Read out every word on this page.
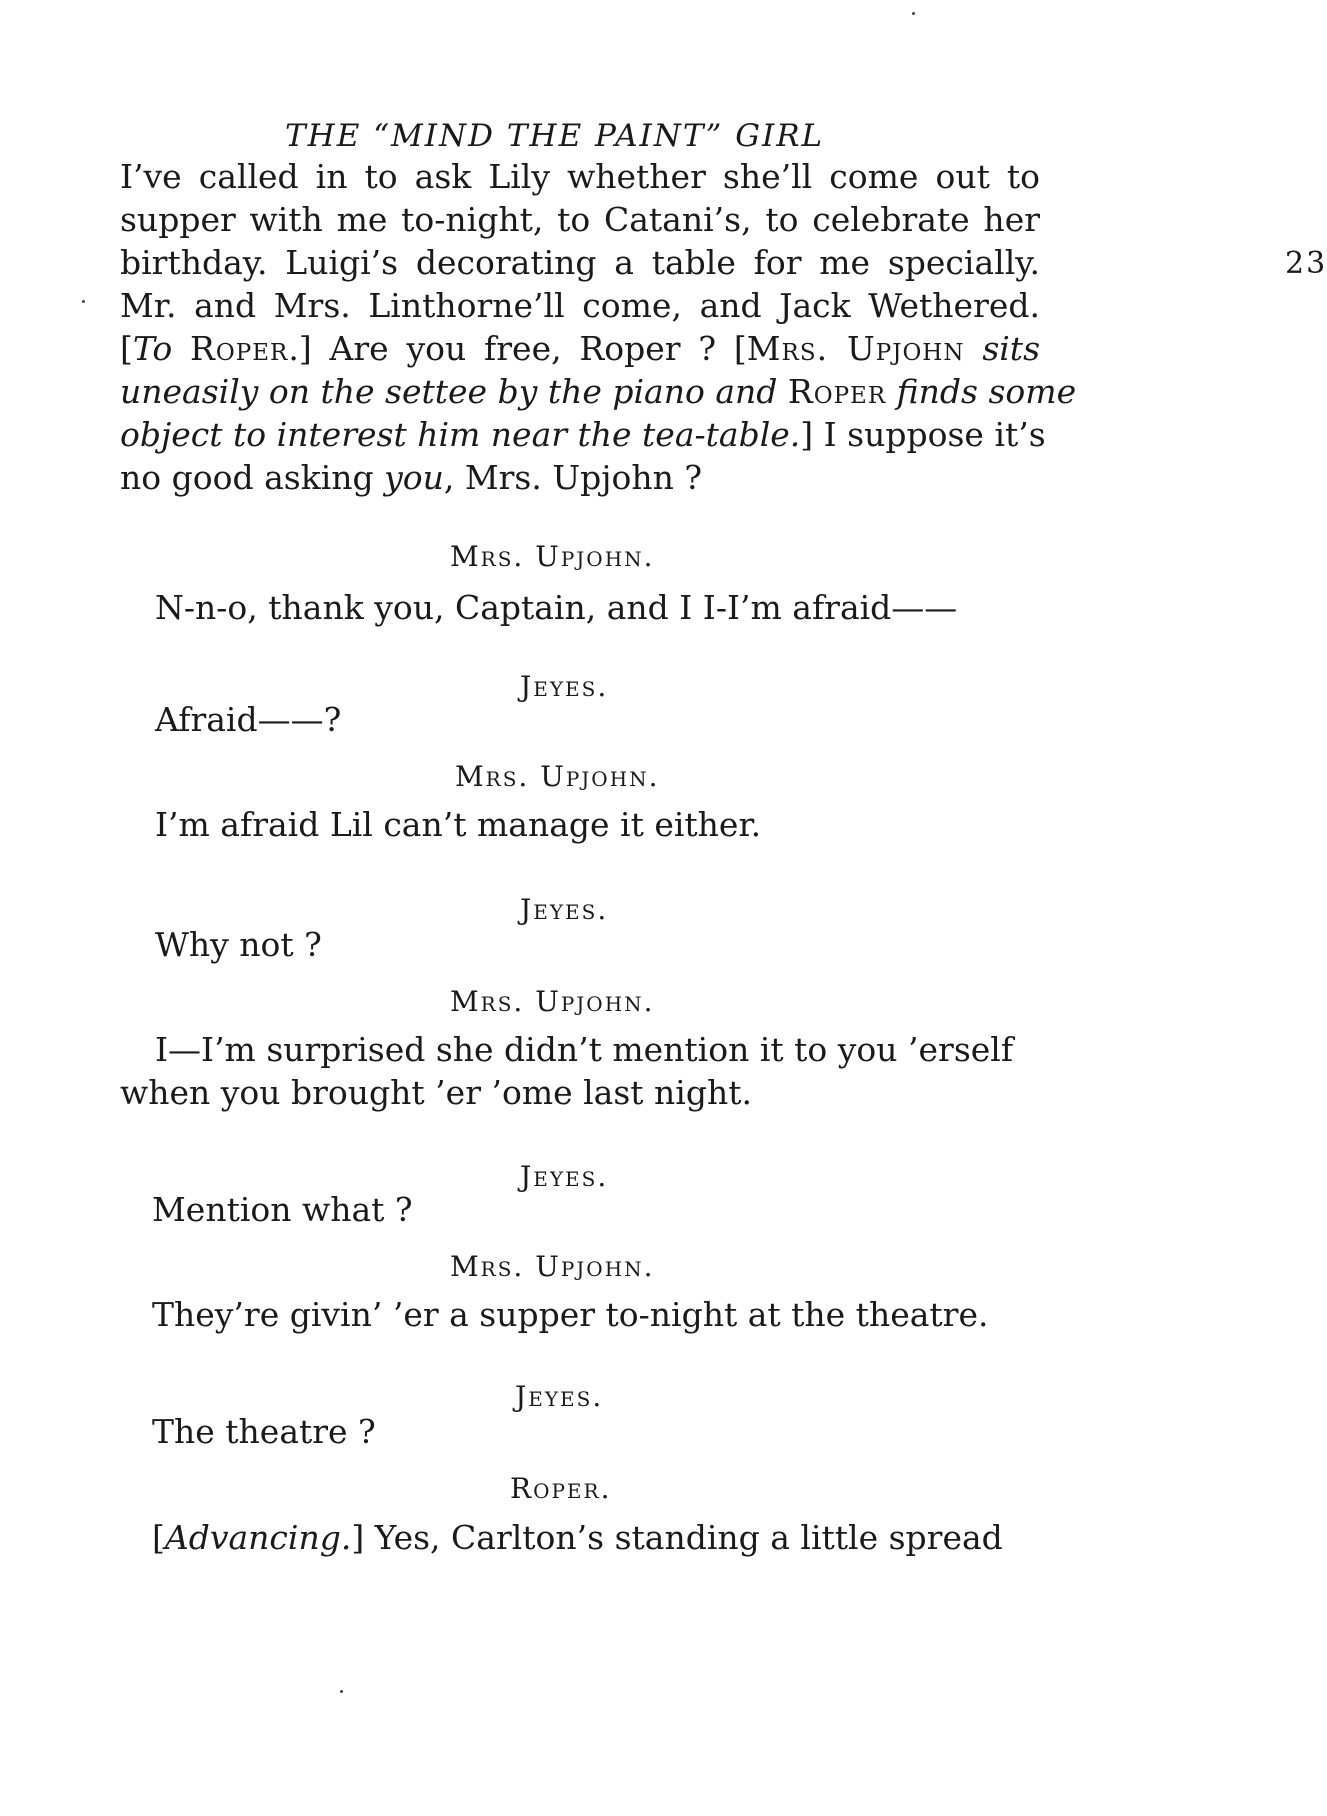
THE “MIND THE PAINT” GIRL
23
I’ve called in to ask Lily whether she’ll come out to
supper with me to-night, to Catani’s, to celebrate her
birthday. Luigi’s decorating a table for me specially.
Mr. and Mrs. Linthorne’ll come, and Jack Wethered.
[To Roper.] Are you free, Roper ? [Mrs. Upjohn sits
uneasily on the settee by the piano and Roper finds some
object to interest him near the tea-table.] I suppose it’s
no good asking you, Mrs. Upjohn ?
Mrs. Upjohn.
N-n-o, thank you, Captain, and I I-I’m afraid——
Jeyes.
Afraid——?
Mrs. Upjohn.
I’m afraid Lil can’t manage it either.
Jeyes.
Why not ?
Mrs. Upjohn.
I—I’m surprised she didn’t mention it to you ’erself
when you brought ’er ’ome last night.
Jeyes.
Mention what ?
Mrs. Upjohn.
They’re givin’ ’er a supper to-night at the theatre.
Jeyes.
The theatre ?
Roper.
[Advancing.] Yes, Carlton’s standing a little spread
